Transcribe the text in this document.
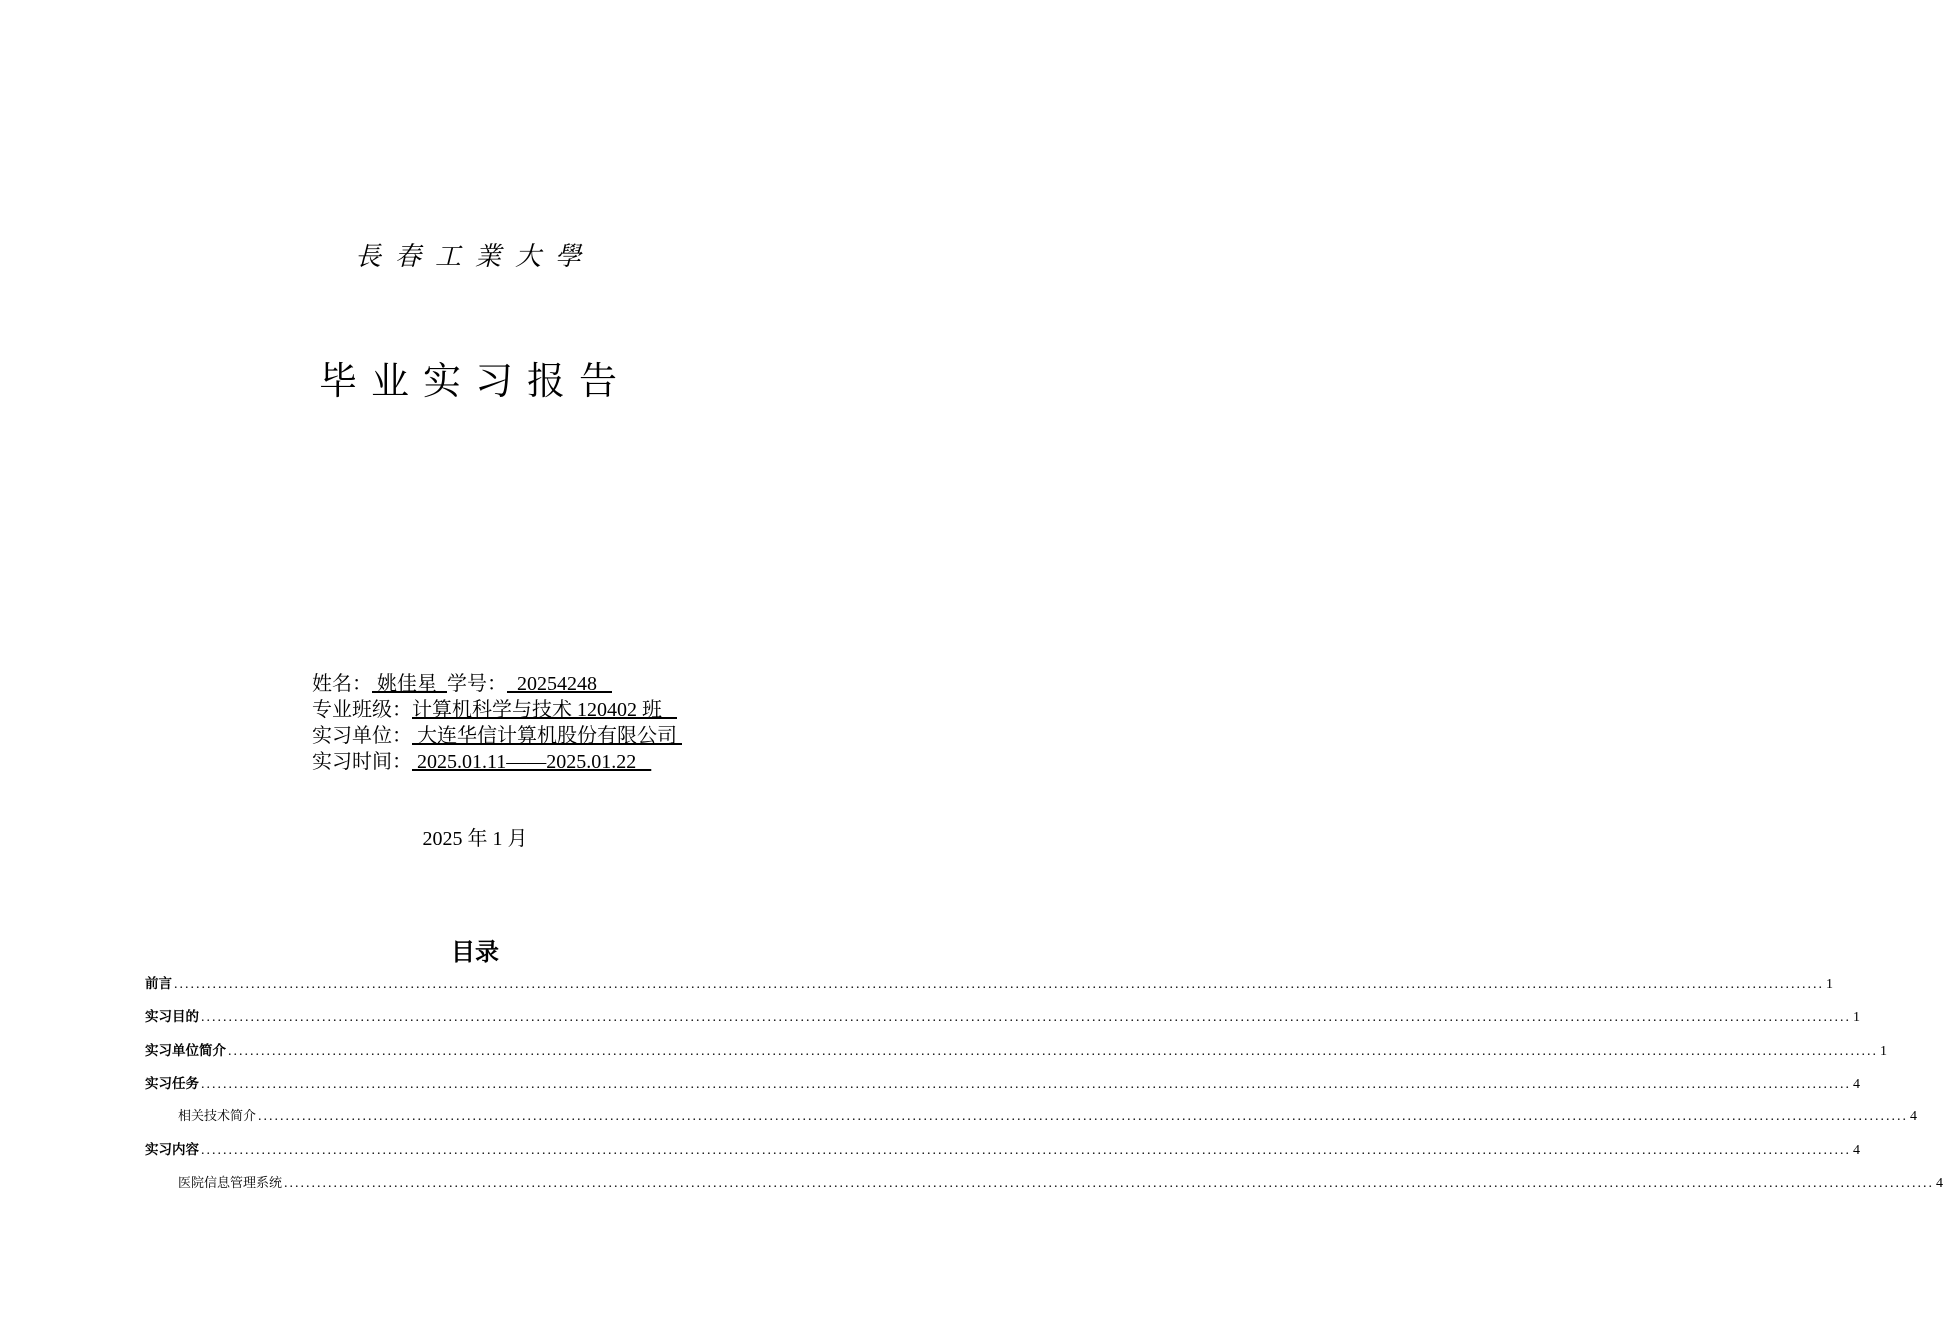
長春工業大學
毕业实习报告
姓名： 姚佳星  学号：  20254248
专业班级：计算机科学与技术 120402 班
实习单位： 大连华信计算机股份有限公司
实习时间： 2025.01.11——2025.01.22
2025 年 1 月
目录
前言 ............................................................................................................................................................................................................................................................................................................ 1
实习目的 ............................................................................................................................................................................................................................................................................................................ 1
实习单位简介 ............................................................................................................................................................................................................................................................................................................ 1
实习任务 ............................................................................................................................................................................................................................................................................................................ 4
相关技术简介 ............................................................................................................................................................................................................................................................................................................ 4
实习内容 ............................................................................................................................................................................................................................................................................................................ 4
医院信息管理系统 ............................................................................................................................................................................................................................................................................................................ 4
